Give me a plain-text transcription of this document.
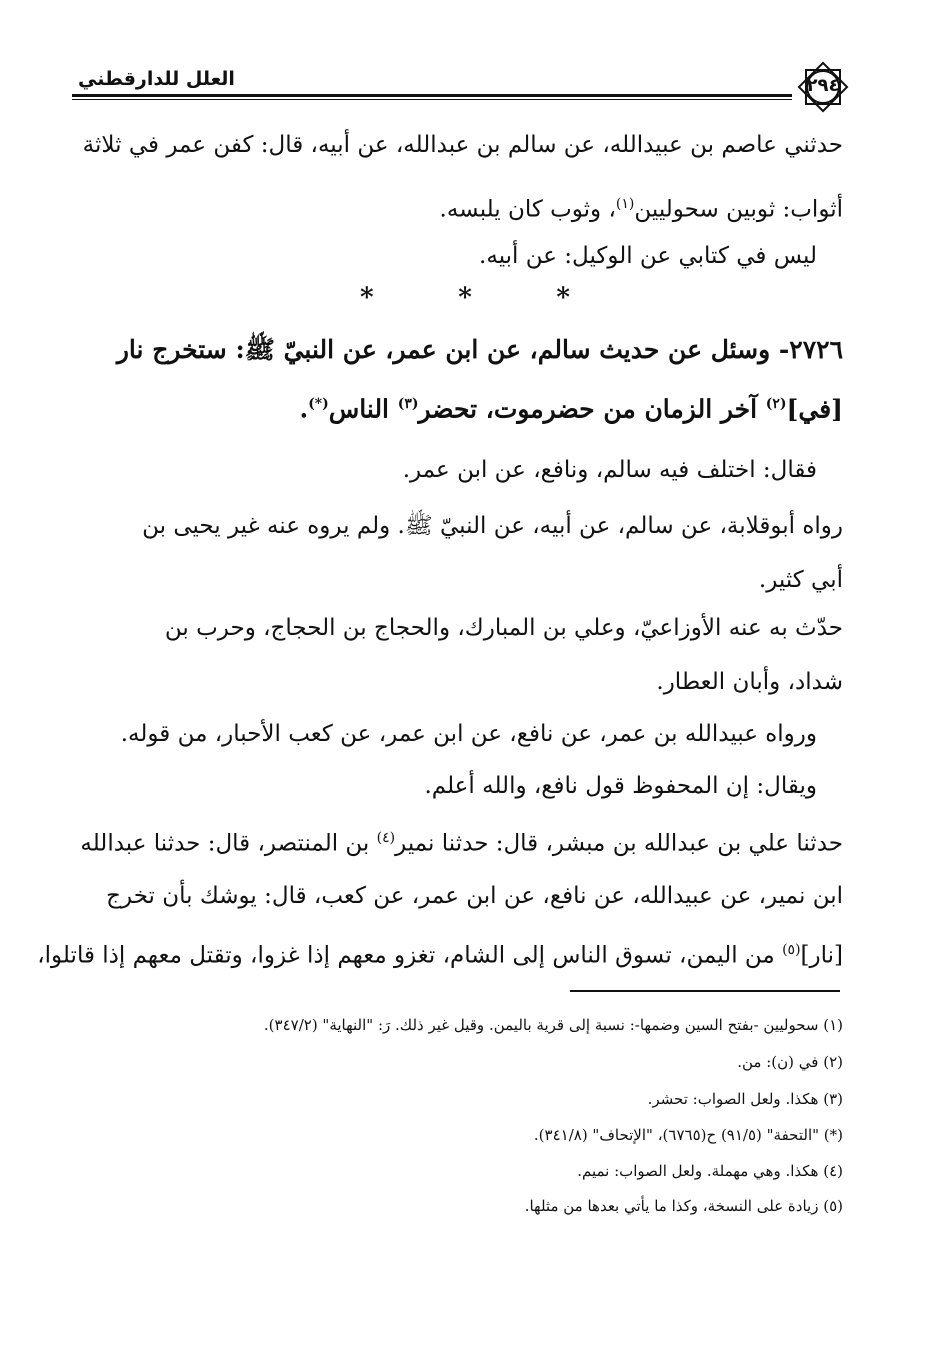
العلل للدارقطني	٢٩٤
حدثني عاصم بن عبيدالله، عن سالم بن عبدالله، عن أبيه، قال: كفن عمر في ثلاثة
أثواب: ثوبين سحوليين$^{(١)}$، وثوب كان يلبسه.
ليس في كتابي عن الوكيل: عن أبيه.
*	*	*
٢٧٢٦- وسئل عن حديث سالم، عن ابن عمر، عن النبيّ ﷺ: ستخرج نار
[في]$^{(٢)}$ آخر الزمان من حضرموت، تحضر$^{(٣)}$ الناس(*).
فقال: اختلف فيه سالم، ونافع، عن ابن عمر.
رواه أبوقلابة، عن سالم، عن أبيه، عن النبيّ ﷺ. ولم يروه عنه غير يحيى بن
أبي كثير.
حدّث به عنه الأوزاعيّ، وعلي بن المبارك، والحجاج بن الحجاج، وحرب بن
شداد، وأبان العطار.
ورواه عبيدالله بن عمر، عن نافع، عن ابن عمر، عن كعب الأحبار، من قوله.
ويقال: إن المحفوظ قول نافع، والله أعلم.
حدثنا علي بن عبدالله بن مبشر، قال: حدثنا نمير$^{(٤)}$ بن المنتصر، قال: حدثنا عبدالله
ابن نمير، عن عبيدالله، عن نافع، عن ابن عمر، عن كعب، قال: يوشك بأن تخرج
[نار]$^{(٥)}$ من اليمن، تسوق الناس إلى الشام، تغزو معهم إذا غزوا، وتقتل معهم إذا قاتلوا،
(١) سحوليين -بفتح السين وضمها-: نسبة إلى قرية باليمن. وقيل غير ذلك. رَ: "النهاية" (٣٤٧/٢).
(٢) في (ن): من.
(٣) هكذا. ولعل الصواب: تحشر.
(*) "التحفة" (٩١/٥) ح(٦٧٦٥)، "الإتحاف" (٣٤١/٨).
(٤) هكذا. وهي مهملة. ولعل الصواب: نميم.
(٥) زيادة على النسخة، وكذا ما يأتي بعدها من مثلها.
